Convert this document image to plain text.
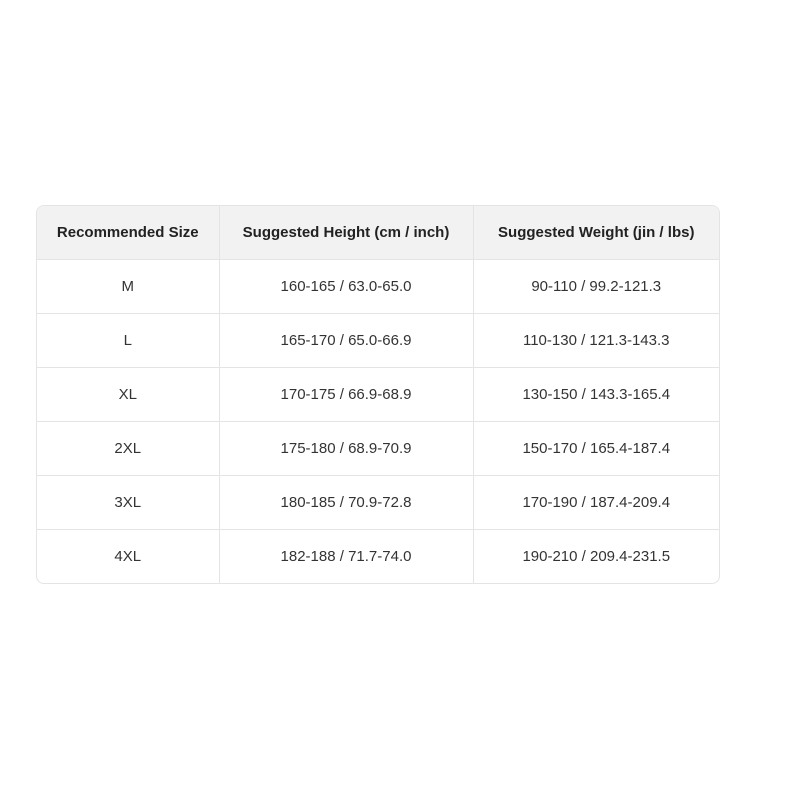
Recommended Size	Suggested Height (cm / inch)	Suggested Weight (jin / lbs)
M	160-165 / 63.0-65.0	90-110 / 99.2-121.3
L	165-170 / 65.0-66.9	110-130 / 121.3-143.3
XL	170-175 / 66.9-68.9	130-150 / 143.3-165.4
2XL	175-180 / 68.9-70.9	150-170 / 165.4-187.4
3XL	180-185 / 70.9-72.8	170-190 / 187.4-209.4
4XL	182-188 / 71.7-74.0	190-210 / 209.4-231.5
